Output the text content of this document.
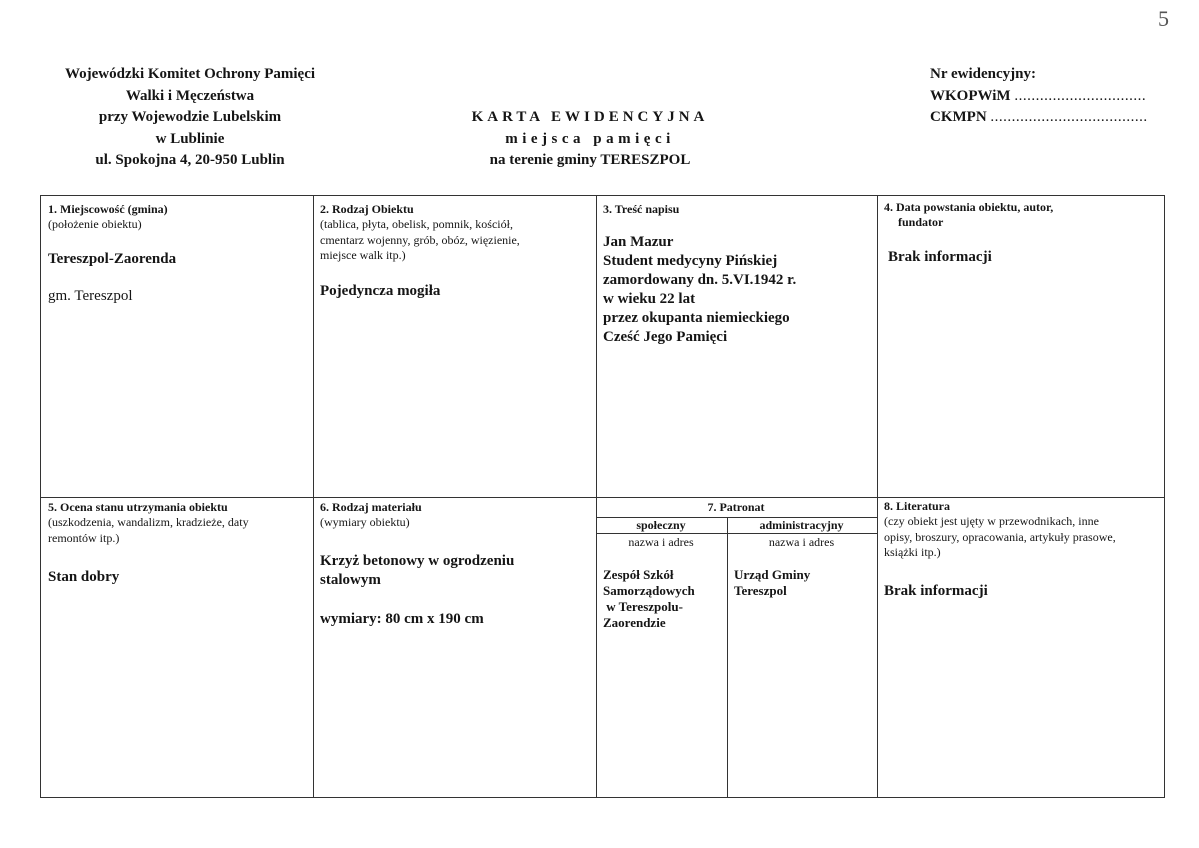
5
Wojewódzki Komitet Ochrony Pamięci
Walki i Męczeństwa
przy Wojewodzie Lubelskim
w Lublinie
ul. Spokojna 4, 20-950 Lublin
KARTA EWIDENCYJNA
miejsca pamięci
na terenie gminy TERESZPOL
Nr ewidencyjny:
WKOPWiM ...............................
CKMPN .....................................
1. Miejscowość (gmina)
(położenie obiektu)
Tereszpol-Zaorenda
gm. Tereszpol
2. Rodzaj Obiektu
(tablica, płyta, obelisk, pomnik, kościół,
cmentarz wojenny, grób, obóz, więzienie,
miejsce walk itp.)
Pojedyncza mogiła
3. Treść napisu
Jan Mazur
Student medycyny Pińskiej
zamordowany dn. 5.VI.1942 r.
w wieku 22 lat
przez okupanta niemieckiego
Cześć Jego Pamięci
4. Data powstania obiektu, autor,
fundator
Brak informacji
5. Ocena stanu utrzymania obiektu
(uszkodzenia, wandalizm, kradzieże, daty
remontów itp.)
Stan dobry
6. Rodzaj materiału
(wymiary obiektu)
Krzyż betonowy w ogrodzeniu
stalowym
wymiary: 80 cm x 190 cm
7. Patronat
społeczny	administracyjny
nazwa i adres	nazwa i adres
Zespół Szkół
Samorządowych
w Tereszpolu-
Zaorendzie
Urząd Gminy
Tereszpol
8. Literatura
(czy obiekt jest ujęty w przewodnikach, inne
opisy, broszury, opracowania, artykuły prasowe,
książki itp.)
Brak informacji
